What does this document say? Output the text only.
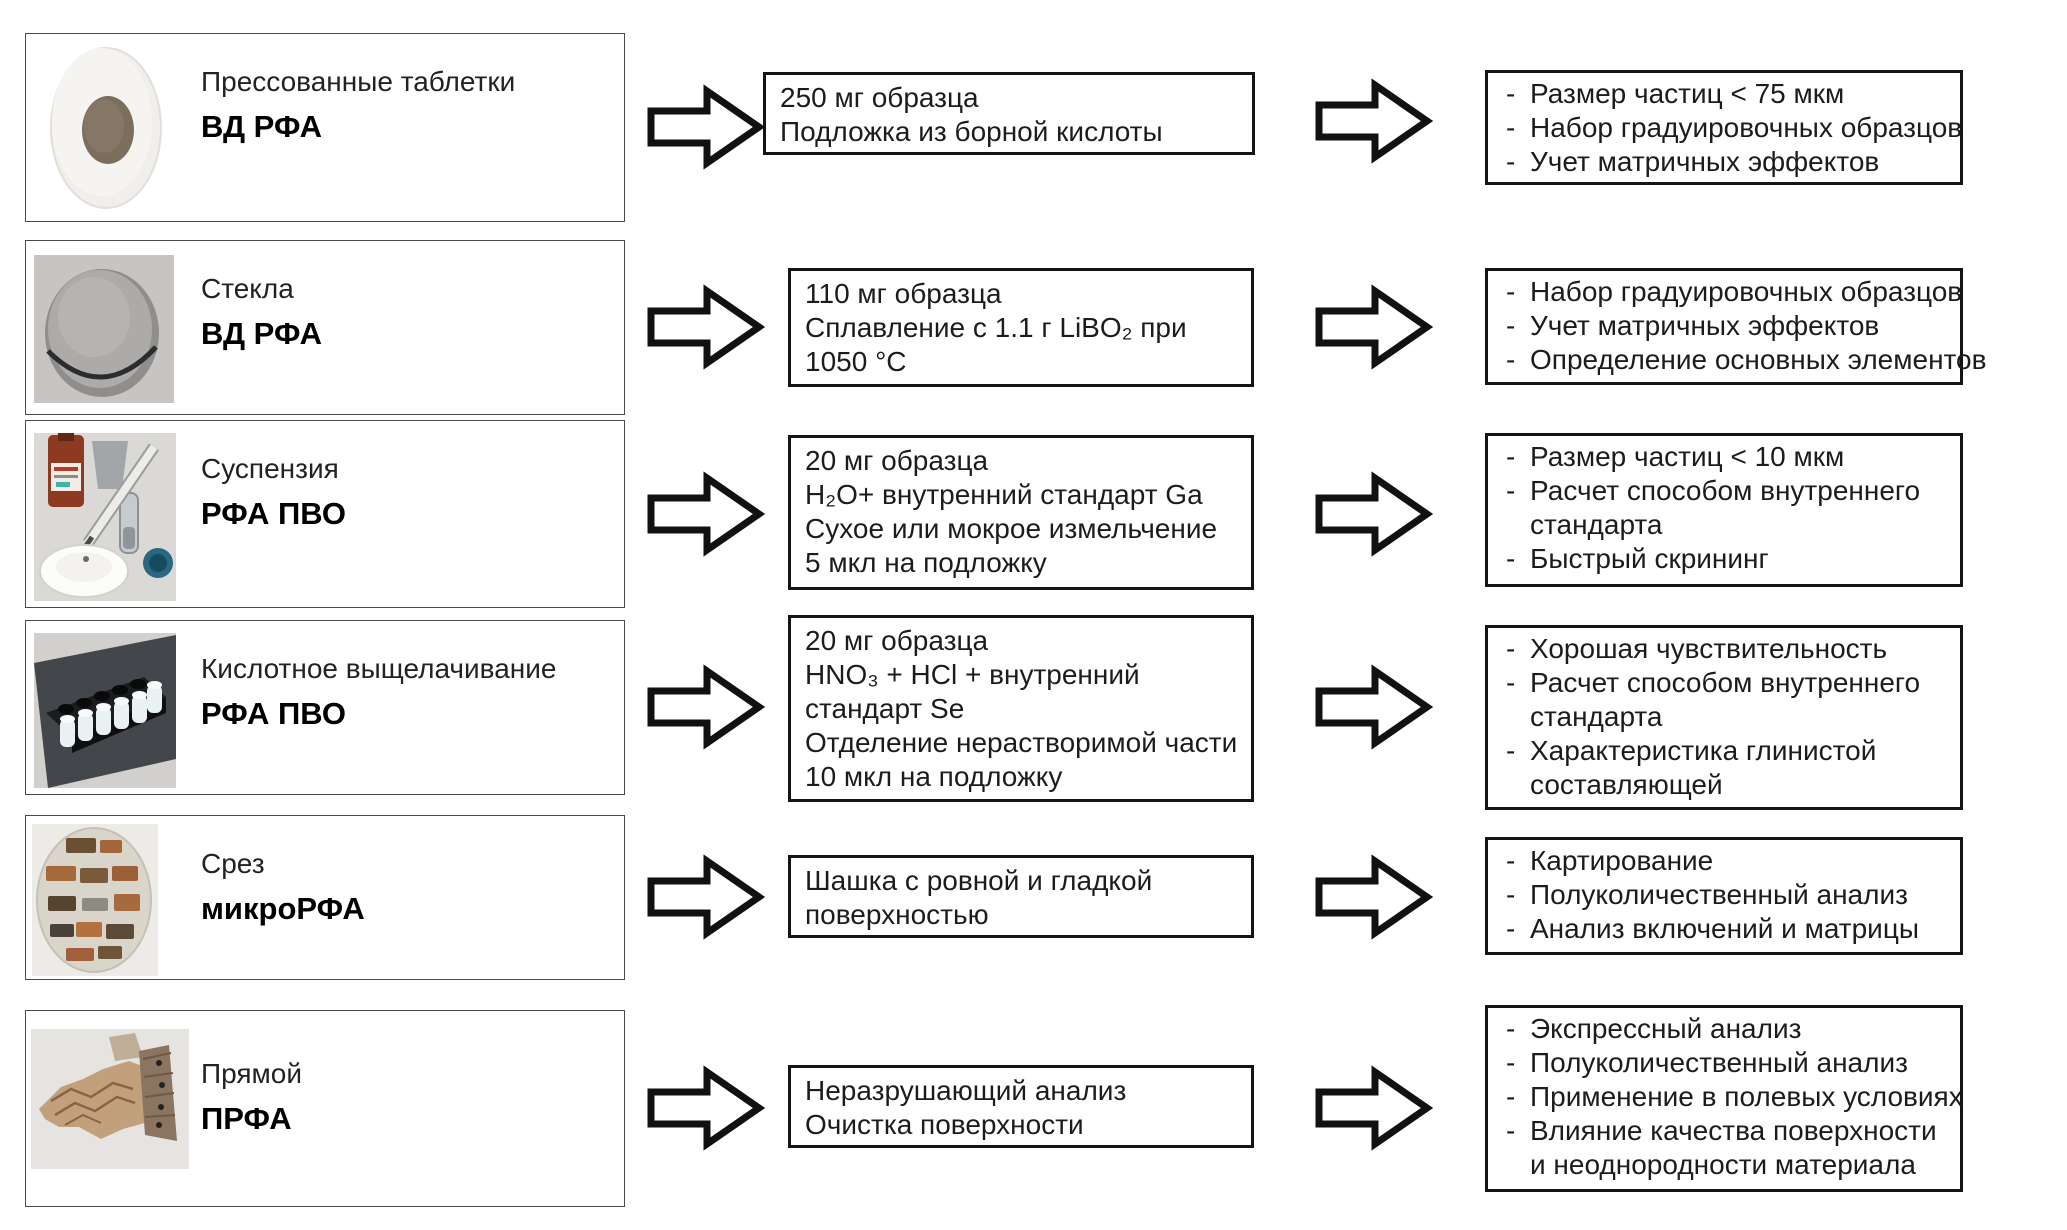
Прессованные таблетки
ВД РФА
250 мг образца
Подложка из борной кислоты
- Размер частиц < 75 мкм
- Набор градуировочных образцов
- Учет матричных эффектов
Стекла
ВД РФА
110 мг образца
Сплавление с 1.1 г LiBO₂ при
1050 °C
- Набор градуировочных образцов
- Учет матричных эффектов
- Определение основных элементов
Суспензия
РФА ПВО
20 мг образца
H₂O+ внутренний стандарт Ga
Сухое или мокрое измельчение
5 мкл на подложку
- Размер частиц < 10 мкм
- Расчет способом внутреннего
стандарта
- Быстрый скрининг
Кислотное выщелачивание
РФА ПВО
20 мг образца
HNO₃ + HCl + внутренний
стандарт Se
Отделение нерастворимой части
10 мкл на подложку
- Хорошая чувствительность
- Расчет способом внутреннего
стандарта
- Характеристика глинистой
составляющей
Срез
микроРФА
Шашка с ровной и гладкой
поверхностью
- Картирование
- Полуколичественный анализ
- Анализ включений и матрицы
Прямой
ПРФА
Неразрушающий анализ
Очистка поверхности
- Экспрессный анализ
- Полуколичественный анализ
- Применение в полевых условиях
- Влияние качества поверхности
и неоднородности материала
